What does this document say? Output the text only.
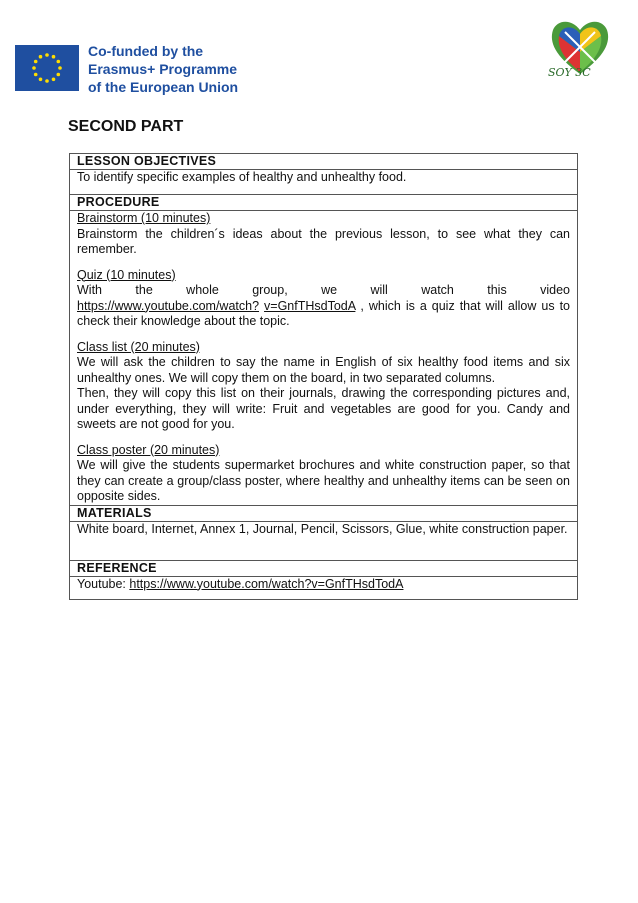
Co-funded by the
Erasmus+ Programme
of the European Union
SOY 3C
SECOND PART
LESSON OBJECTIVES
To identify specific examples of healthy and unhealthy food.
PROCEDURE

Brainstorm (10 minutes)
Brainstorm the children´s ideas about the previous lesson, to see what they can remember.
Quiz (10 minutes)
With the whole group, we will watch this video https://www.youtube.com/watch? v=GnfTHsdTodA , which is a quiz that will allow us to check their knowledge about the topic.
Class list (20 minutes)
We will ask the children to say the name in English of six healthy food items and six unhealthy ones. We will copy them on the board, in two separated columns.
Then, they will copy this list on their journals, drawing the corresponding pictures and, under everything, they will write: Fruit and vegetables are good for you. Candy and sweets are not good for you.
Class poster (20 minutes)
We will give the students supermarket brochures and white construction paper, so that they can create a group/class poster, where healthy and unhealthy items can be seen on opposite sides.

MATERIALS
White board, Internet, Annex 1, Journal, Pencil, Scissors, Glue, white construction paper.
REFERENCE
Youtube: https://www.youtube.com/watch?v=GnfTHsdTodA
